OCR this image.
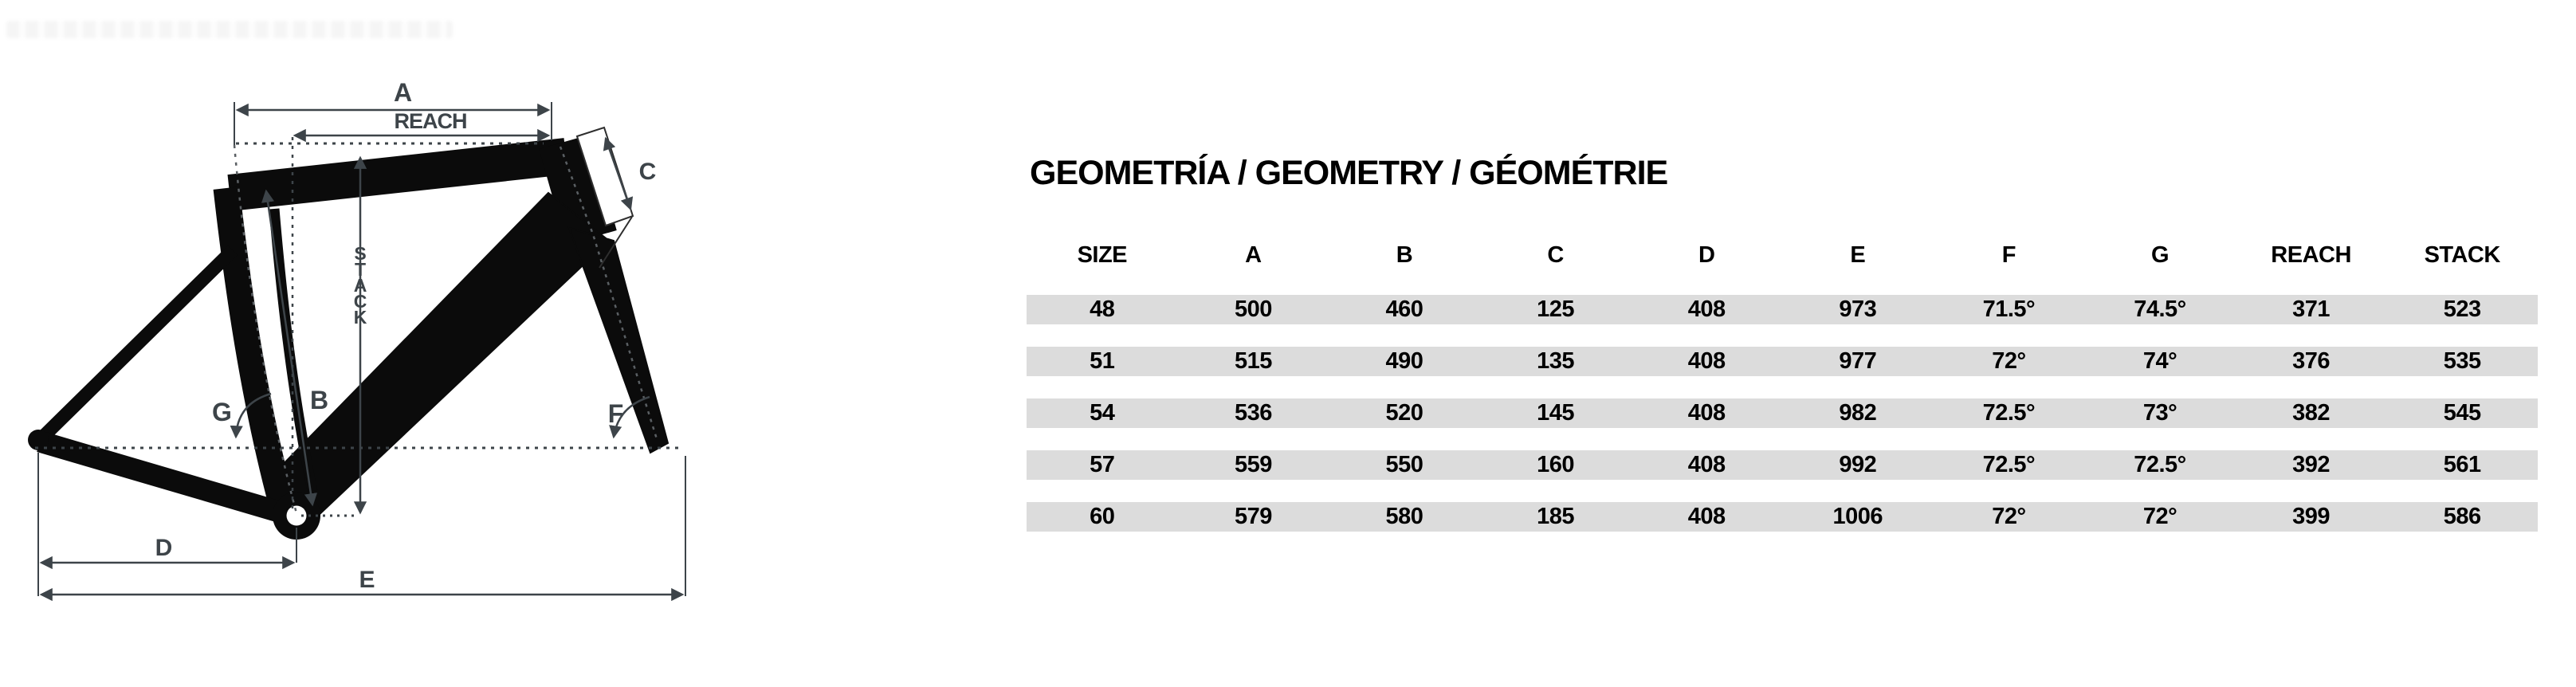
A
REACH
C
B
G	F
D
E
S
T
A
C
K
GEOMETRÍA / GEOMETRY / GÉOMÉTRIE
SIZE	A	B	C	D	E	F	G	REACH	STACK
48	500	460	125	408	973	71.5°	74.5°	371	523
51	515	490	135	408	977	72°	74°	376	535
54	536	520	145	408	982	72.5°	73°	382	545
57	559	550	160	408	992	72.5°	72.5°	392	561
60	579	580	185	408	1006	72°	72°	399	586
